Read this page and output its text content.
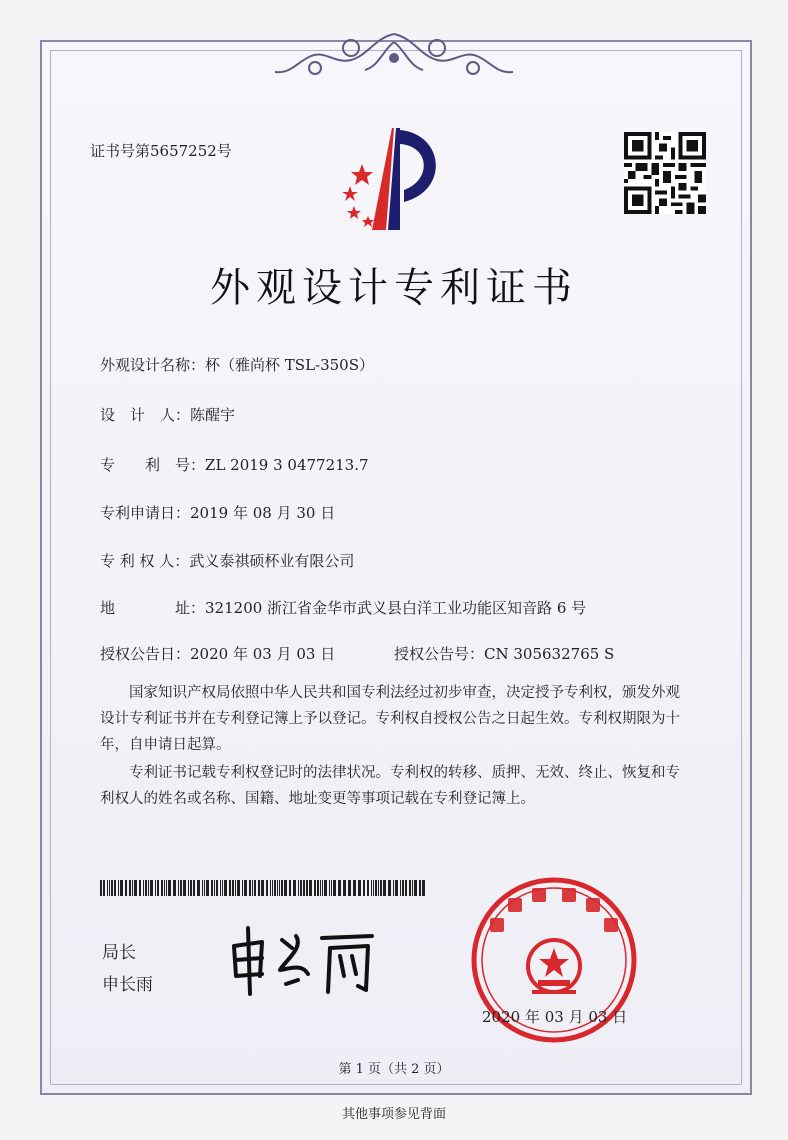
证书号第5657252号
外观设计专利证书
外观设计名称：杯（雅尚杯 TSL-350S）
设　计　人：陈醒宇
专　　利　号：ZL 2019 3 0477213.7
专利申请日：2019 年 08 月 30 日
专 利 权 人：武义泰祺硕杯业有限公司
地　　　　址：321200 浙江省金华市武义县白洋工业功能区知音路 6 号
授权公告日：2020 年 03 月 03 日	授权公告号：CN 305632765 S
国家知识产权局依照中华人民共和国专利法经过初步审查，决定授予专利权，颁发外观设计专利证书并在专利登记簿上予以登记。专利权自授权公告之日起生效。专利权期限为十年，自申请日起算。
专利证书记载专利权登记时的法律状况。专利权的转移、质押、无效、终止、恢复和专利权人的姓名或名称、国籍、地址变更等事项记载在专利登记簿上。
局长
申长雨
2020 年 03 月 03 日
第 1 页（共 2 页）
其他事项参见背面
